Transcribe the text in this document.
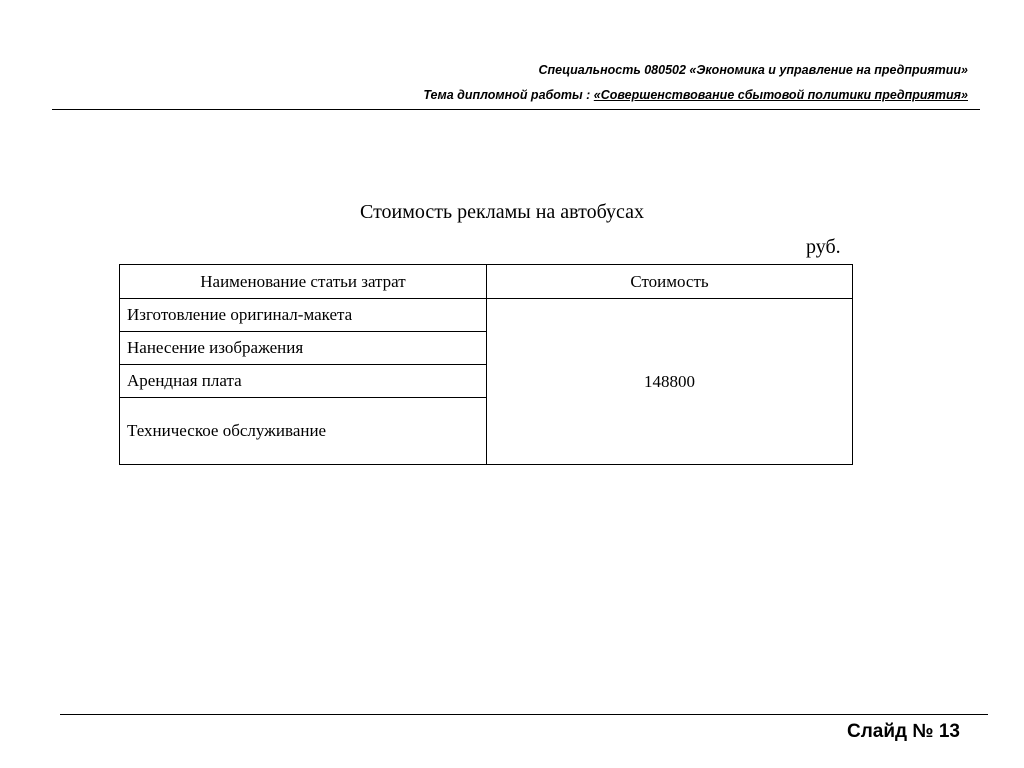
Специальность 080502 «Экономика и управление на предприятии»
Тема дипломной работы : «Совершенствование сбытовой политики предприятия»
Стоимость рекламы на автобусах
руб.
Наименование статьи затрат	Стоимость
Изготовление оригинал-макета	148800
Нанесение изображения	
Арендная плата	
Техническое обслуживание	
Слайд № 13
